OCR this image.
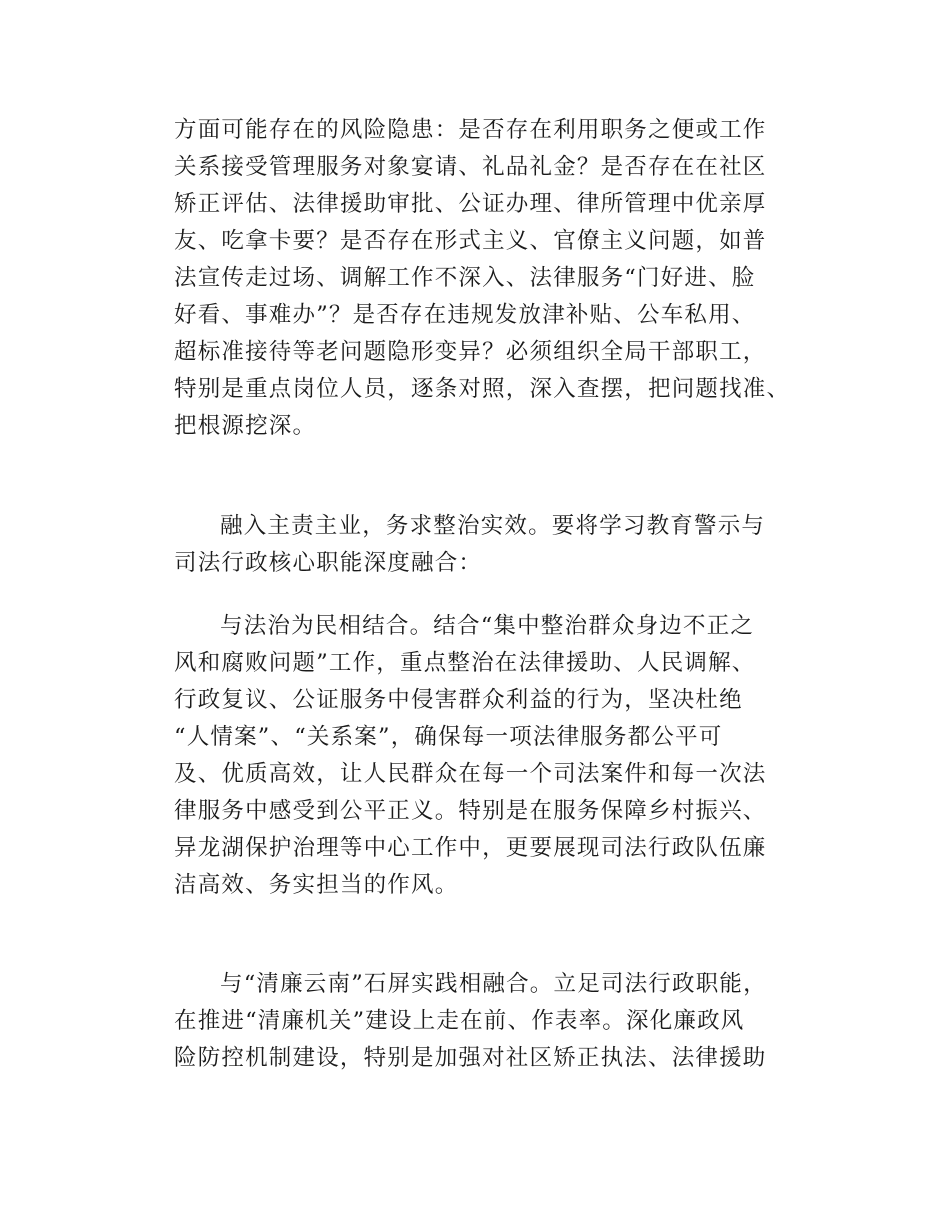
方面可能存在的风险隐患：是否存在利用职务之便或工作
关系接受管理服务对象宴请、礼品礼金？是否存在在社区
矫正评估、法律援助审批、公证办理、律所管理中优亲厚
友、吃拿卡要？是否存在形式主义、官僚主义问题，如普
法宣传走过场、调解工作不深入、法律服务“门好进、脸
好看、事难办”？是否存在违规发放津补贴、公车私用、
超标准接待等老问题隐形变异？必须组织全局干部职工，
特别是重点岗位人员，逐条对照，深入查摆，把问题找准、
把根源挖深。
融入主责主业，务求整治实效。要将学习教育警示与
司法行政核心职能深度融合：
与法治为民相结合。结合“集中整治群众身边不正之
风和腐败问题”工作，重点整治在法律援助、人民调解、
行政复议、公证服务中侵害群众利益的行为，坚决杜绝
“人情案”、“关系案”，确保每一项法律服务都公平可
及、优质高效，让人民群众在每一个司法案件和每一次法
律服务中感受到公平正义。特别是在服务保障乡村振兴、
异龙湖保护治理等中心工作中，更要展现司法行政队伍廉
洁高效、务实担当的作风。
与“清廉云南”石屏实践相融合。立足司法行政职能，
在推进“清廉机关”建设上走在前、作表率。深化廉政风
险防控机制建设，特别是加强对社区矫正执法、法律援助
